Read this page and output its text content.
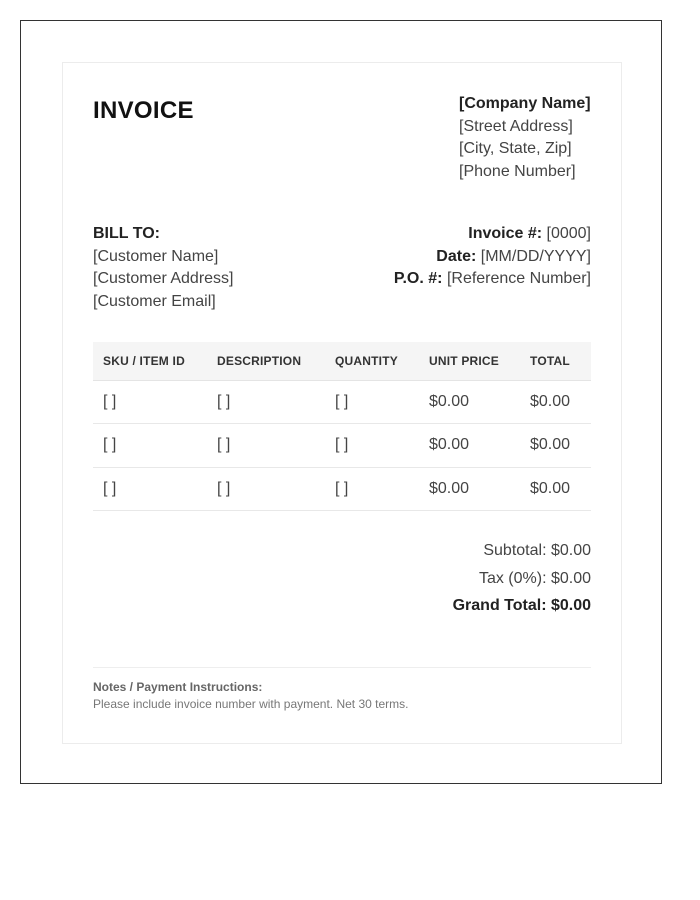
INVOICE	[Company Name]
[Street Address]
[City, State, Zip]
[Phone Number]
BILL TO:
[Customer Name]
[Customer Address]
[Customer Email]
Invoice #: [0000]
Date: [MM/DD/YYYY]
P.O. #: [Reference Number]
SKU / ITEM ID	DESCRIPTION	QUANTITY	UNIT PRICE	TOTAL
[ ]	[ ]	[ ]	$0.00	$0.00
[ ]	[ ]	[ ]	$0.00	$0.00
[ ]	[ ]	[ ]	$0.00	$0.00
Subtotal: $0.00
Tax (0%): $0.00
Grand Total: $0.00
Notes / Payment Instructions:
Please include invoice number with payment. Net 30 terms.
